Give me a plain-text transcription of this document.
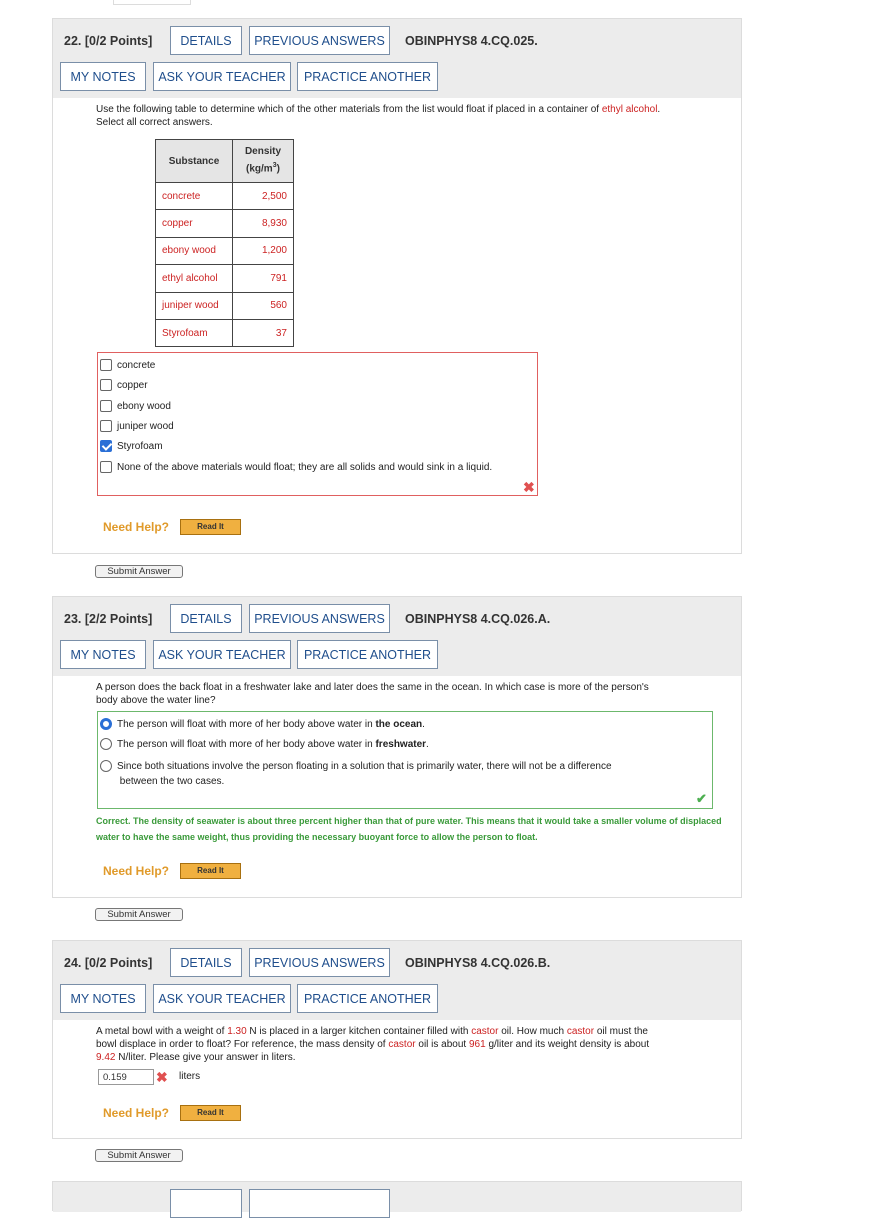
22. [0/2 Points]	DETAILS	PREVIOUS ANSWERS	OBINPHYS8 4.CQ.025.
MY NOTES	ASK YOUR TEACHER	PRACTICE ANOTHER
Use the following table to determine which of the other materials from the list would float if placed in a container of ethyl alcohol.
Select all correct answers.
Substance	Density
$(kg/m^3)$
concrete	2,500
copper	8,930
ebony wood	1,200
ethyl alcohol	791
juniper wood	560
Styrofoam	37
concrete
copper
ebony wood
juniper wood
Styrofoam
None of the above materials would float; they are all solids and would sink in a liquid.
✖
Need Help?	Read It
Submit Answer
23. [2/2 Points]	DETAILS	PREVIOUS ANSWERS	OBINPHYS8 4.CQ.026.A.
MY NOTES	ASK YOUR TEACHER	PRACTICE ANOTHER
A person does the back float in a freshwater lake and later does the same in the ocean. In which case is more of the person's
body above the water line?
The person will float with more of her body above water in the ocean.
The person will float with more of her body above water in freshwater.
Since both situations involve the person floating in a solution that is primarily water, there will not be a difference
between the two cases.
✔
Correct. The density of seawater is about three percent higher than that of pure water. This means that it would take a smaller volume of displaced water to have the same weight, thus providing the necessary buoyant force to allow the person to float.
Need Help?	Read It
Submit Answer
24. [0/2 Points]	DETAILS	PREVIOUS ANSWERS	OBINPHYS8 4.CQ.026.B.
MY NOTES	ASK YOUR TEACHER	PRACTICE ANOTHER
A metal bowl with a weight of 1.30 N is placed in a larger kitchen container filled with castor oil. How much castor oil must the
bowl displace in order to float? For reference, the mass density of castor oil is about 961 g/liter and its weight density is about
9.42 N/liter. Please give your answer in liters.
0.159
✖ liters
Need Help?	Read It
Submit Answer
